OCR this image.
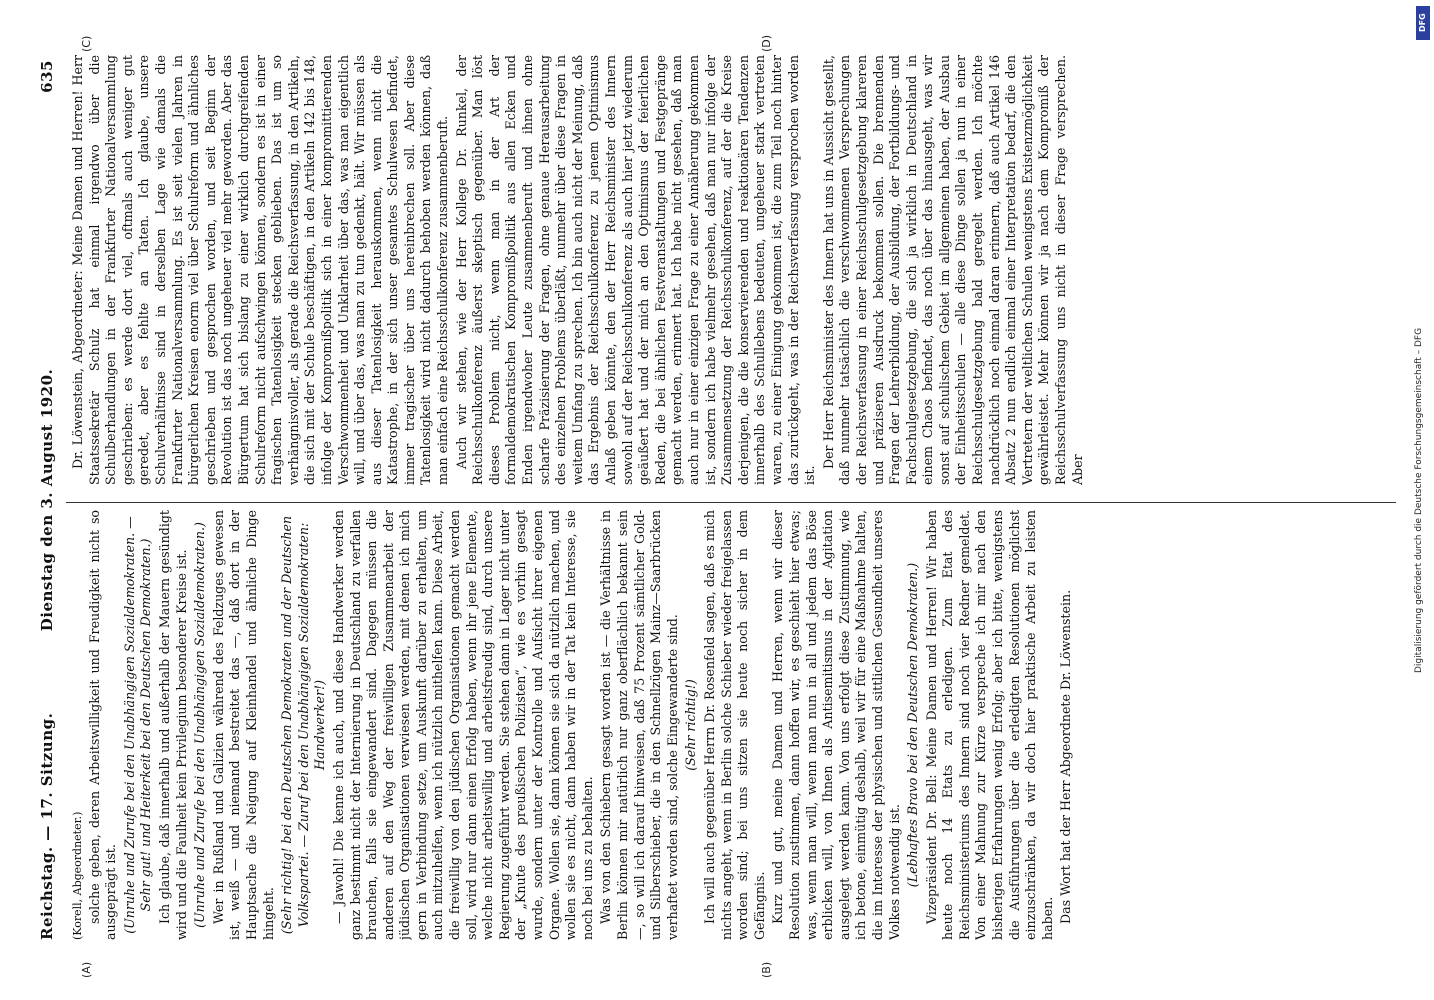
Reichstag. — 17. Sitzung.
Dienstag den 3. August 1920.
635
(A)	(B)
(C)	(D)
(Korell, Abgeordneter.) solche geben, deren Arbeitswilligkeit und Freudigkeit nicht so ausgeprägt ist. (Unruhe und Zurufe bei den Unabhängigen Sozialdemokraten. — Sehr gut! und Heiterkeit bei den Deutschen Demokraten.) Ich glaube, daß innerhalb und außerhalb der Mauern gesündigt wird und die Faulheit kein Privilegium besonderer Kreise ist. (Unruhe und Zurufe bei den Unabhängigen Sozialdemokraten.) Wer in Rußland und Galizien während des Feldzuges gewesen ist, weiß — und niemand bestreitet das —, daß dort in der Hauptsache die Neigung auf Kleinhandel und ähnliche Dinge hingeht. (Sehr richtig! bei den Deutschen Demokraten und der Deutschen Volkspartei. — Zuruf bei den Unabhängigen Sozialdemokraten: Handwerker!) — Jawohl! Die kenne ich auch, und diese Handwerker werden ganz bestimmt nicht der Internierung in Deutschland zu verfallen brauchen, falls sie eingewandert sind. Dagegen müssen die anderen auf den Weg der freiwilligen Zusammenarbeit der jüdischen Organisationen verwiesen werden, mit denen ich mich gern in Verbindung setze, um Auskunft darüber zu erhalten, um auch mitzuhelfen, wenn ich nützlich mithelfen kann. Diese Arbeit, die freiwillig von den jüdischen Organisationen gemacht werden soll, wird nur dann einen Erfolg haben, wenn ihr jene Elemente, welche nicht arbeitswillig und arbeitsfreudig sind, durch unsere Regierung zugeführt werden. Sie stehen dann in Lager nicht unter der „Knute des preußischen Polizisten“, wie es vorhin gesagt wurde, sondern unter der Kontrolle und Aufsicht ihrer eigenen Organe. Wollen sie, dann können sie sich da nützlich machen, und wollen sie es nicht, dann haben wir in der Tat kein Interesse, sie noch bei uns zu behalten. Was von den Schiebern gesagt worden ist — die Verhältnisse in Berlin können mir natürlich nur ganz oberflächlich bekannt sein —, so will ich darauf hinweisen, daß 75 Prozent sämtlicher Gold- und Silberschieber, die in den Schnellzügen Mainz—Saarbrücken verhaftet worden sind, solche Eingewanderte sind. (Sehr richtig!) Ich will auch gegenüber Herrn Dr. Rosenfeld sagen, daß es mich nichts angeht, wenn in Berlin solche Schieber wieder freigelassen worden sind; bei uns sitzen sie heute noch sicher in dem Gefängnis. Kurz und gut, meine Damen und Herren, wenn wir dieser Resolution zustimmen, dann hoffen wir, es geschieht hier etwas; was, wenn man will, wenn man nun in all und jedem das Böse erblicken will, von Ihnen als Antisemitismus in der Agitation ausgelegt werden kann. Von uns erfolgt diese Zustimmung, wie ich betone, einmütig deshalb, weil wir für eine Maßnahme halten, die im Interesse der physischen und sittlichen Gesundheit unseres Volkes notwendig ist. (Lebhaftes Bravo bei den Deutschen Demokraten.) Vizepräsident Dr. Bell: Meine Damen und Herren! Wir haben heute noch 14 Etats zu erledigen. Zum Etat des Reichsministeriums des Innern sind noch vier Redner gemeldet. Von einer Mahnung zur Kürze verspreche ich mir nach den bisherigen Erfahrungen wenig Erfolg; aber ich bitte, wenigstens die Ausführungen über die erledigten Resolutionen möglichst einzuschränken, da wir doch hier praktische Arbeit zu leisten haben. Das Wort hat der Herr Abgeordnete Dr. Löwenstein.

Dr. Löwenstein, Abgeordneter: Meine Damen und Herren! Herr Staatssekretär Schulz hat einmal irgendwo über die Schulberhandlungen in der Frankfurter Nationalversammlung geschrieben: es werde dort viel, oftmals auch weniger gut geredet, aber es fehlte an Taten. Ich glaube, unsere Schulverhältnisse sind in derselben Lage wie damals die Frankfurter Nationalversammlung. Es ist seit vielen Jahren in bürgerlichen Kreisen enorm viel über Schulreform und ähnliches geschrieben und gesprochen worden, und seit Beginn der Revolution ist das noch ungeheuer viel mehr geworden. Aber das Bürgertum hat sich bislang zu einer wirklich durchgreifenden Schulreform nicht aufschwingen können, sondern es ist in einer fragischen Tatenlosigkeit stecken geblieben. Das ist um so verhängnisvoller, als gerade die Reichsverfassung, in den Artikeln, die sich mit der Schule beschäftigen, in den Artikeln 142 bis 148, infolge der Kompromißpolitik sich in einer kompromittierenden Verschwommenheit und Unklarheit über das, was man eigentlich will, und über das, was man zu tun gedenkt, hält. Wir müssen als aus dieser Tatenlosigkeit herauskommen, wenn nicht die Katastrophe, in der sich unser gesamtes Schulwesen befindet, immer tragischer über uns hereinbrechen soll. Aber diese Tatenlosigkeit wird nicht dadurch behoben werden können, daß man einfach eine Reichsschulkonferenz zusammenberuft. Auch wir stehen, wie der Herr Kollege Dr. Runkel, der Reichsschulkonferenz äußerst skeptisch gegenüber. Man löst dieses Problem nicht, wenn man in der Art der formaldemokratischen Kompromißpolitik aus allen Ecken und Enden irgendwoher Leute zusammenberuft und ihnen ohne scharfe Präzisierung der Fragen, ohne genaue Herausarbeitung des einzelnen Problems überläßt, nunmehr über diese Fragen in weitem Umfang zu sprechen. Ich bin auch nicht der Meinung, daß das Ergebnis der Reichsschulkonferenz zu jenem Optimismus Anlaß geben könnte, den der Herr Reichsminister des Innern sowohl auf der Reichsschulkonferenz als auch hier jetzt wiederum geäußert hat und der mich an den Optimismus der feierlichen Reden, die bei ähnlichen Festveranstaltungen und Festgepränge gemacht werden, erinnert hat. Ich habe nicht gesehen, daß man auch nur in einer einzigen Frage zu einer Annäherung gekommen ist, sondern ich habe vielmehr gesehen, daß man nur infolge der Zusammensetzung der Reichsschulkonferenz, auf der die Kreise derjenigen, die die konservierenden und reaktionären Tendenzen innerhalb des Schullebens bedeuten, ungeheuer stark vertreten waren, zu einer Einigung gekommen ist, die zum Teil noch hinter das zurückgeht, was in der Reichsverfassung versprochen worden ist.

Der Herr Reichsminister des Innern hat uns in Aussicht gestellt, daß nunmehr tatsächlich die verschwommenen Versprechungen der Reichsverfassung in einer Reichsschulgesetzgebung klareren und präziseren Ausdruck bekommen sollen. Die brennenden Fragen der Lehrerbildung, der Ausbildung, der Fortbildungs- und Fachschulgesetzgebung, die sich ja wirklich in Deutschland in einem Chaos befindet, das noch über das hinausgeht, was wir sonst auf schulischem Gebiet im allgemeinen haben, der Ausbau der Einheitsschulen — alle diese Dinge sollen ja nun in einer Reichsschulgesetzgebung bald geregelt werden. Ich möchte nachdrücklich noch einmal daran erinnern, daß auch Artikel 146 Absatz 2 nun endlich einmal einer Interpretation bedarf, die den Vertretern der weltlichen Schulen wenigstens Existenzmöglichkeit gewährleistet. Mehr können wir ja nach dem Kompromiß der Reichsschulverfassung uns nicht in dieser Frage versprechen. Aber	Digitalisierung gefördert durch die Deutsche Forschungsgemeinschaft – DFG
DFG
